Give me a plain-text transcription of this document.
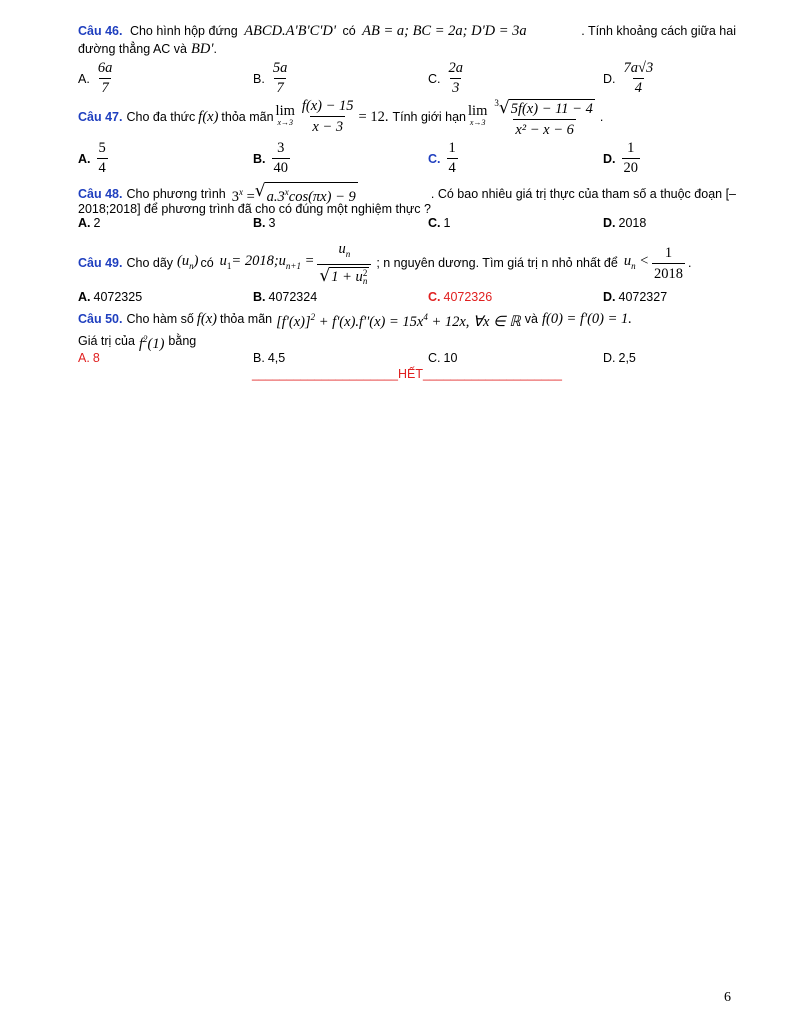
Câu 46. Cho hình hộp đứng ABCD.A'B'C'D' có AB = a; BC = 2a; D'D = 3a	. Tính khoảng cách giữa hai
đường thẳng AC và BD' .
A. $\frac{6a}{7}$	B. $\frac{5a}{7}$	C. $\frac{2a}{3}$	D. $\frac{7a√3}{4}$
Câu 47. Cho đa thức f(x) thỏa mãn lim
$x\to 3 \frac{f(x) - 15}{x - 3} = 12$. Tính giới hạn lim
$x\to 3 \frac{^3 √ 5f(x) - 11 - 4}{\text{x² − x − 6}}$ .
A. $\frac{5}{4}$	B. $\frac{3}{40}$	C. $\frac{1}{4}$	D. $\frac{1}{20}$
Câu 48. Cho phương trình $3^x$ = √ $a.3^x\cos(\pi x) - 9$	. Có bao nhiêu giá trị thực của tham số a thuộc đoạn [–
2018;2018] để phương trình đã cho có đúng một nghiệm thực ?
A. 2	B. 3	C. 1	D. 2018
Câu 49. Cho dãy $(u_n)$ có $u_1=$ $2018;u_{n+1} = u_n$
√ 1 + u 2
n ; n nguyên dương. Tìm giá trị n nhỏ nhất để $u_n < \frac{1}{2018}$ .
A. 4072325	B. 4072324	C. 4072326	D. 4072327
Câu 50. Cho hàm số f(x) thỏa mãn $[f'(x)]^2 + f'(x).f''(x) = 15x^4 + 12x$, ∀x ∈ ℝ và f(0) = f'(0) = 1.
Giá trị của $f^2(1)$ bằng
A. 8	B. 4,5	C. 10	D. 2,5
_____________________HẾT____________________
6
